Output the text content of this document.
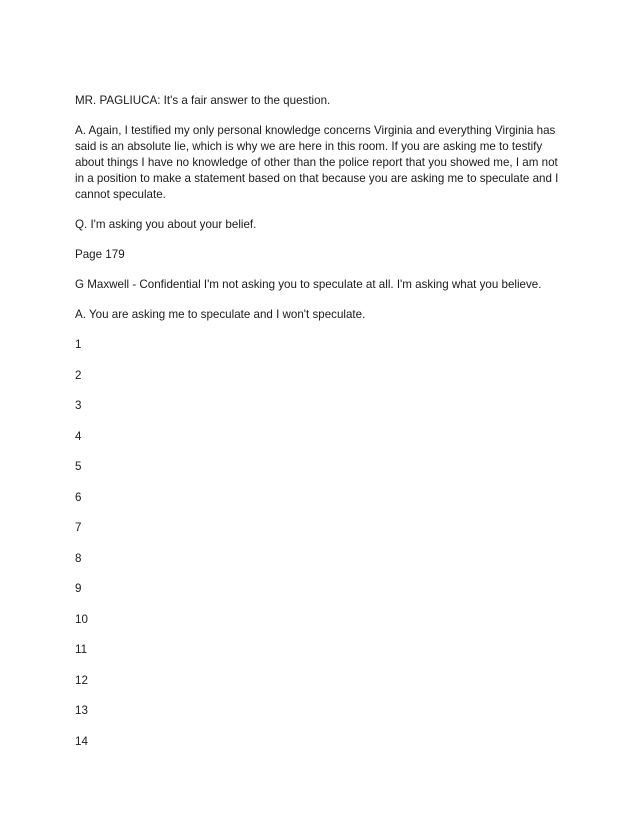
MR. PAGLIUCA: It's a fair answer to the question.

A. Again, I testified my only personal knowledge concerns Virginia and everything Virginia has said is an absolute lie, which is why we are here in this room. If you are asking me to testify about things I have no knowledge of other than the police report that you showed me, I am not in a position to make a statement based on that because you are asking me to speculate and I cannot speculate.

Q. I'm asking you about your belief.

Page 179

G Maxwell - Confidential I'm not asking you to speculate at all. I'm asking what you believe.

A. You are asking me to speculate and I won't speculate.

1
2
3
4
5
6
7
8
9
10
11
12
13
14
